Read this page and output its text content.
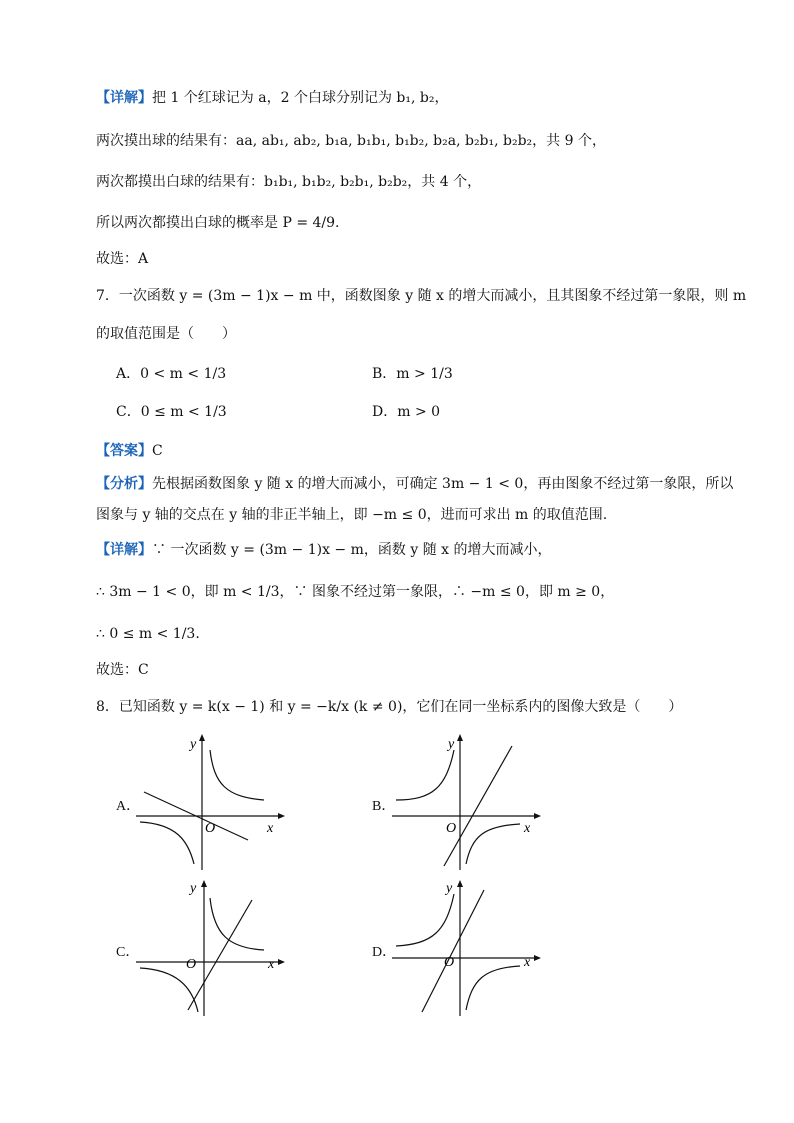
【详解】把 1 个红球记为 a，2 个白球分别记为 b₁, b₂，
两次摸出球的结果有：aa, ab₁, ab₂, b₁a, b₁b₁, b₁b₂, b₂a, b₂b₁, b₂b₂，共 9 个，
两次都摸出白球的结果有：b₁b₁, b₁b₂, b₂b₁, b₂b₂，共 4 个，
所以两次都摸出白球的概率是 P = 4/9.
故选：A
7．一次函数 y = (3m − 1)x − m 中，函数图象 y 随 x 的增大而减小，且其图象不经过第一象限，则 m
的取值范围是（　　）
A．0 < m < 1/3	B．m > 1/3
C．0 ≤ m < 1/3	D．m > 0
【答案】C
【分析】先根据函数图象 y 随 x 的增大而减小，可确定 3m − 1 < 0，再由图象不经过第一象限，所以
图象与 y 轴的交点在 y 轴的非正半轴上，即 −m ≤ 0，进而可求出 m 的取值范围.
【详解】∵ 一次函数 y = (3m − 1)x − m，函数 y 随 x 的增大而减小，
∴ 3m − 1 < 0，即 m < 1/3，∵ 图象不经过第一象限，∴ −m ≤ 0，即 m ≥ 0，
∴ 0 ≤ m < 1/3.
故选：C
8．已知函数 y = k(x − 1) 和 y = −k/x (k ≠ 0)，它们在同一坐标系内的图像大致是（　　）
A．	B．
C．	D．
x
y
O	x
y
O
x
y
O	x
y
O
